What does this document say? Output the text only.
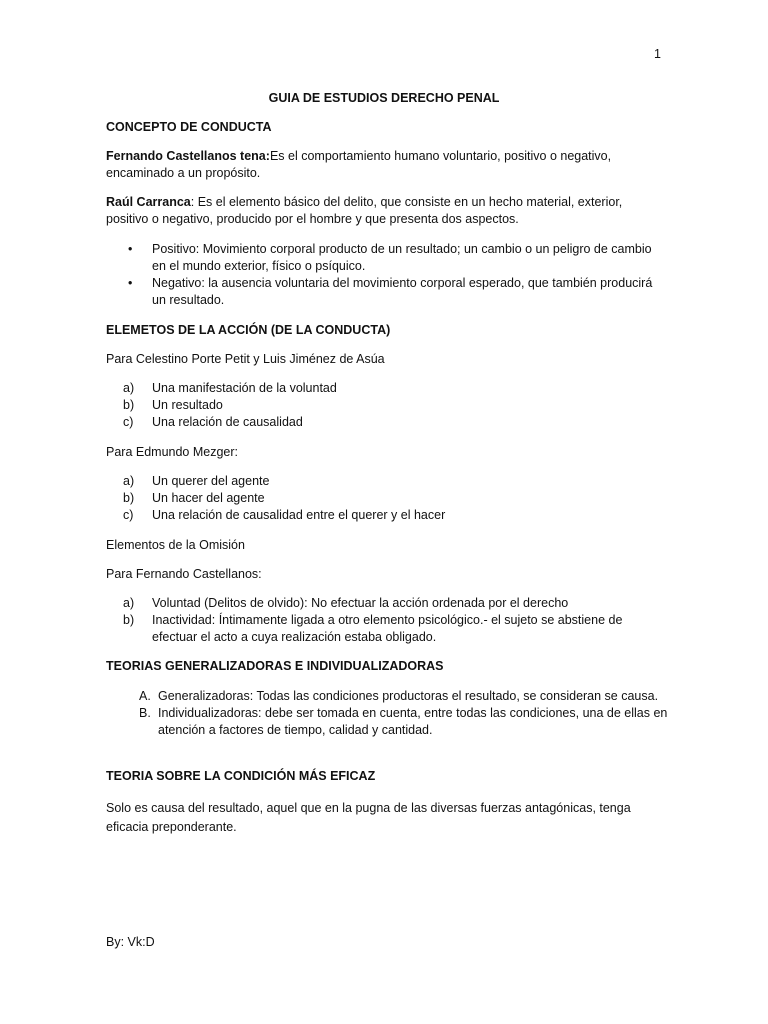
1
GUIA DE ESTUDIOS DERECHO PENAL
CONCEPTO DE CONDUCTA
Fernando Castellanos tena:Es el comportamiento humano voluntario, positivo o negativo, encaminado a un propósito.
Raúl Carranca: Es el elemento básico del delito, que consiste en un hecho material, exterior, positivo o negativo, producido por el hombre y que presenta dos aspectos.
• Positivo: Movimiento corporal producto de un resultado; un cambio o un peligro de cambio en el mundo exterior, físico o psíquico.
• Negativo: la ausencia voluntaria del movimiento corporal esperado, que también producirá un resultado.
ELEMETOS DE LA ACCIÓN (DE LA CONDUCTA)
Para Celestino Porte Petit y Luis Jiménez de Asúa
a) Una manifestación de la voluntad
b) Un resultado
c) Una relación de causalidad
Para Edmundo Mezger:
a) Un querer del agente
b) Un hacer del agente
c) Una relación de causalidad entre el querer y el hacer
Elementos de la Omisión
Para Fernando Castellanos:
a) Voluntad (Delitos de olvido): No efectuar la acción ordenada por el derecho
b) Inactividad: Íntimamente ligada a otro elemento psicológico.- el sujeto se abstiene de efectuar el acto a cuya realización estaba obligado.
TEORIAS GENERALIZADORAS E INDIVIDUALIZADORAS
A. Generalizadoras: Todas las condiciones productoras el resultado, se consideran se causa.
B. Individualizadoras: debe ser tomada en cuenta, entre todas las condiciones, una de ellas en atención a factores de tiempo, calidad y cantidad.
TEORIA SOBRE LA CONDICIÓN MÁS EFICAZ
Solo es causa del resultado, aquel que en la pugna de las diversas fuerzas antagónicas, tenga eficacia preponderante.
By: Vk:D
